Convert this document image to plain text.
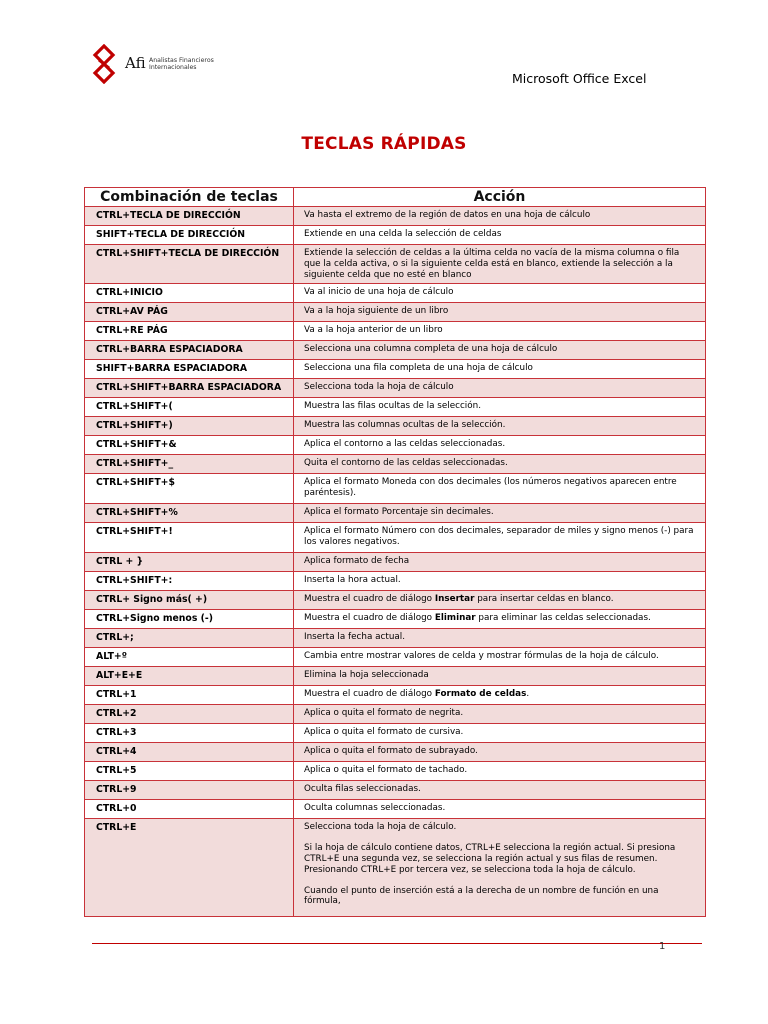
Afi Analistas Financieros
Internacionales
Microsoft Office Excel
TECLAS RÁPIDAS
Combinación de teclas	Acción
CTRL+TECLA DE DIRECCIÓN	Va hasta el extremo de la región de datos en una hoja de cálculo
SHIFT+TECLA DE DIRECCIÓN	Extiende en una celda la selección de celdas
CTRL+SHIFT+TECLA DE DIRECCIÓN	Extiende la selección de celdas a la última celda no vacía de la misma columna o fila que la celda activa, o si la siguiente celda está en blanco, extiende la selección a la siguiente celda que no esté en blanco
CTRL+INICIO	Va al inicio de una hoja de cálculo
CTRL+AV PÁG	Va a la hoja siguiente de un libro
CTRL+RE PÁG	Va a la hoja anterior de un libro
CTRL+BARRA ESPACIADORA	Selecciona una columna completa de una hoja de cálculo
SHIFT+BARRA ESPACIADORA	Selecciona una fila completa de una hoja de cálculo
CTRL+SHIFT+BARRA ESPACIADORA	Selecciona toda la hoja de cálculo
CTRL+SHIFT+(	Muestra las filas ocultas de la selección.
CTRL+SHIFT+)	Muestra las columnas ocultas de la selección.
CTRL+SHIFT+&	Aplica el contorno a las celdas seleccionadas.
CTRL+SHIFT+_	Quita el contorno de las celdas seleccionadas.
CTRL+SHIFT+$	Aplica el formato Moneda con dos decimales (los números negativos aparecen entre paréntesis).
CTRL+SHIFT+%	Aplica el formato Porcentaje sin decimales.
CTRL+SHIFT+!	Aplica el formato Número con dos decimales, separador de miles y signo menos (-) para los valores negativos.
CTRL + }	Aplica formato de fecha
CTRL+SHIFT+:	Inserta la hora actual.
CTRL+ Signo más( +)	Muestra el cuadro de diálogo Insertar para insertar celdas en blanco.
CTRL+Signo menos (-)	Muestra el cuadro de diálogo Eliminar para eliminar las celdas seleccionadas.
CTRL+;	Inserta la fecha actual.
ALT+º	Cambia entre mostrar valores de celda y mostrar fórmulas de la hoja de cálculo.
ALT+E+E	Elimina la hoja seleccionada
CTRL+1	Muestra el cuadro de diálogo Formato de celdas.
CTRL+2	Aplica o quita el formato de negrita.
CTRL+3	Aplica o quita el formato de cursiva.
CTRL+4	Aplica o quita el formato de subrayado.
CTRL+5	Aplica o quita el formato de tachado.
CTRL+9	Oculta filas seleccionadas.
CTRL+0	Oculta columnas seleccionadas.
CTRL+E	Selecciona toda la hoja de cálculo.
Si la hoja de cálculo contiene datos, CTRL+E selecciona la región actual. Si presiona CTRL+E una segunda vez, se selecciona la región actual y sus filas de resumen. Presionando CTRL+E por tercera vez, se selecciona toda la hoja de cálculo.
Cuando el punto de inserción está a la derecha de un nombre de función en una fórmula,
1
